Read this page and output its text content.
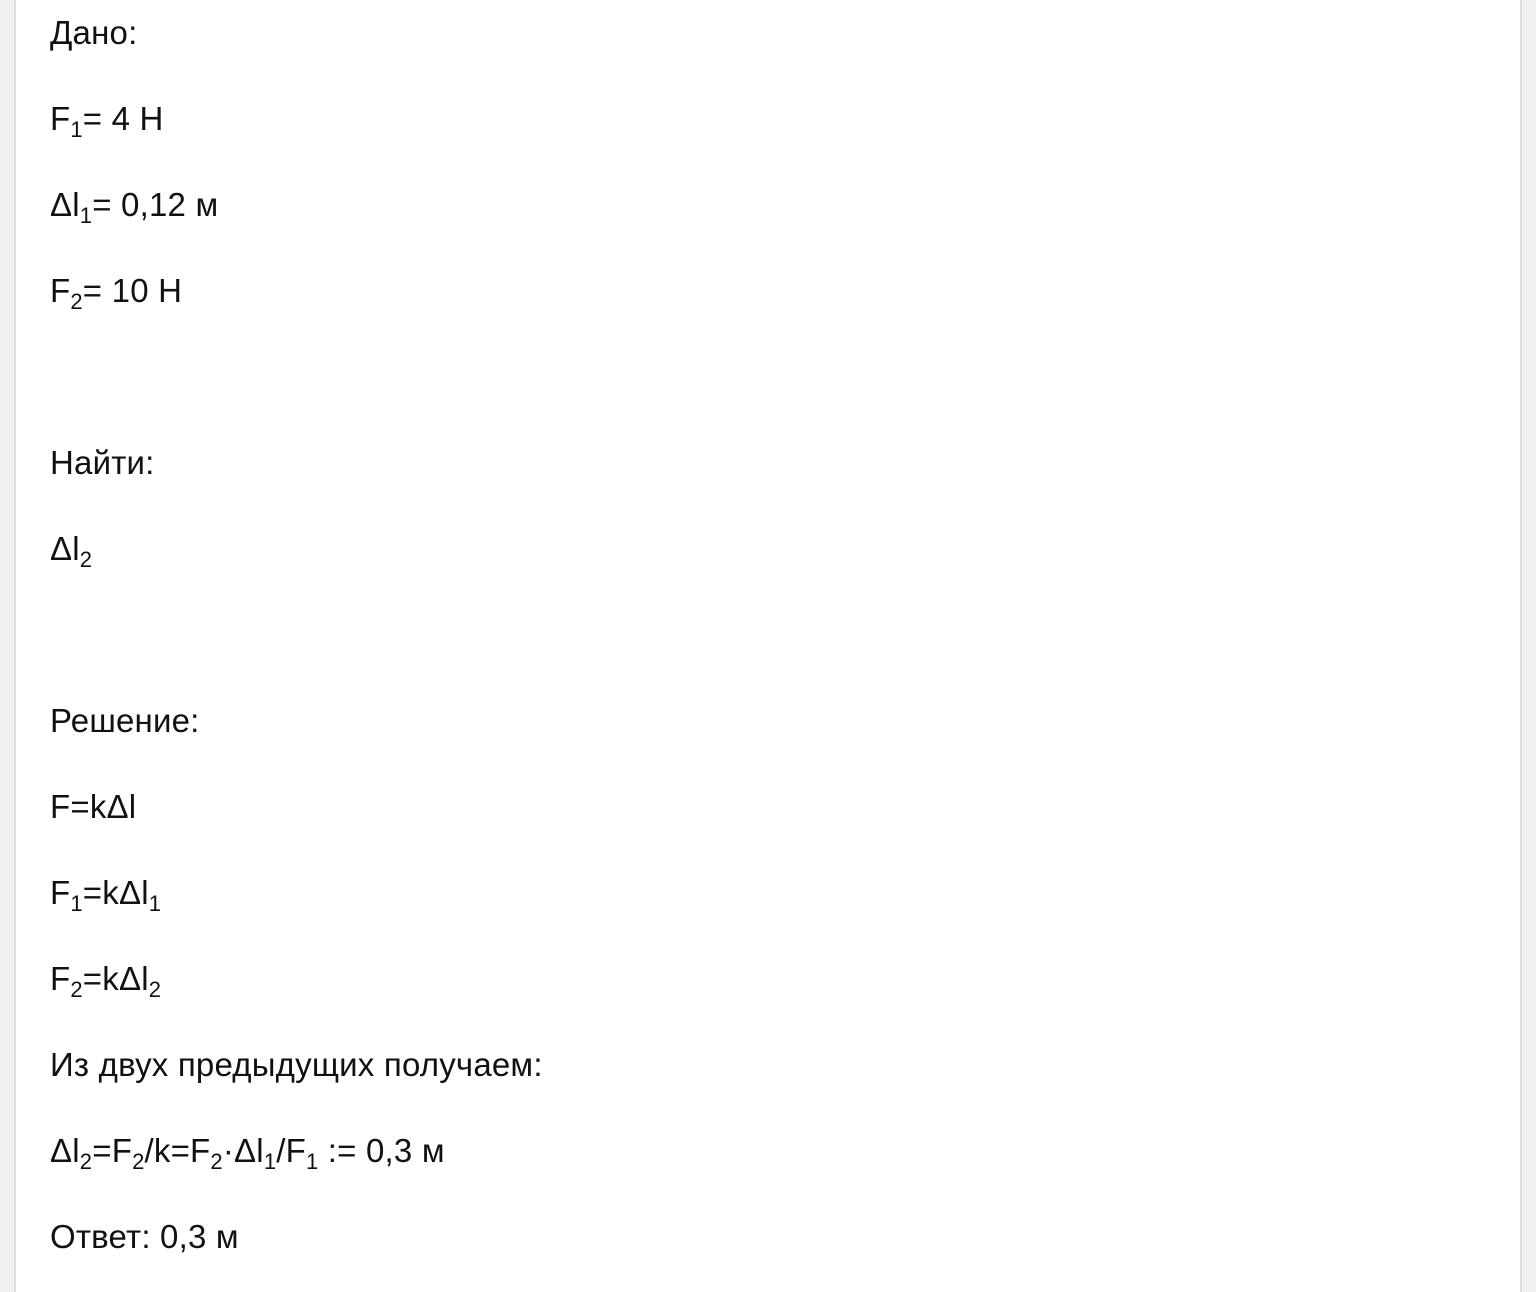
Дано:
$F_1= 4$ Н
$\Delta l_1= 0,12$ м
$F_2= 10$ Н
Найти:
$\Delta l_2$
Решение:
F=kΔl
$F_1=k\Delta l_1$
$F_2=k\Delta l_2$
Из двух предыдущих получаем:
$\Delta l_2=F_2/k=F_2\cdot\Delta l_1/F_1$ := 0,3 м
Ответ: 0,3 м
